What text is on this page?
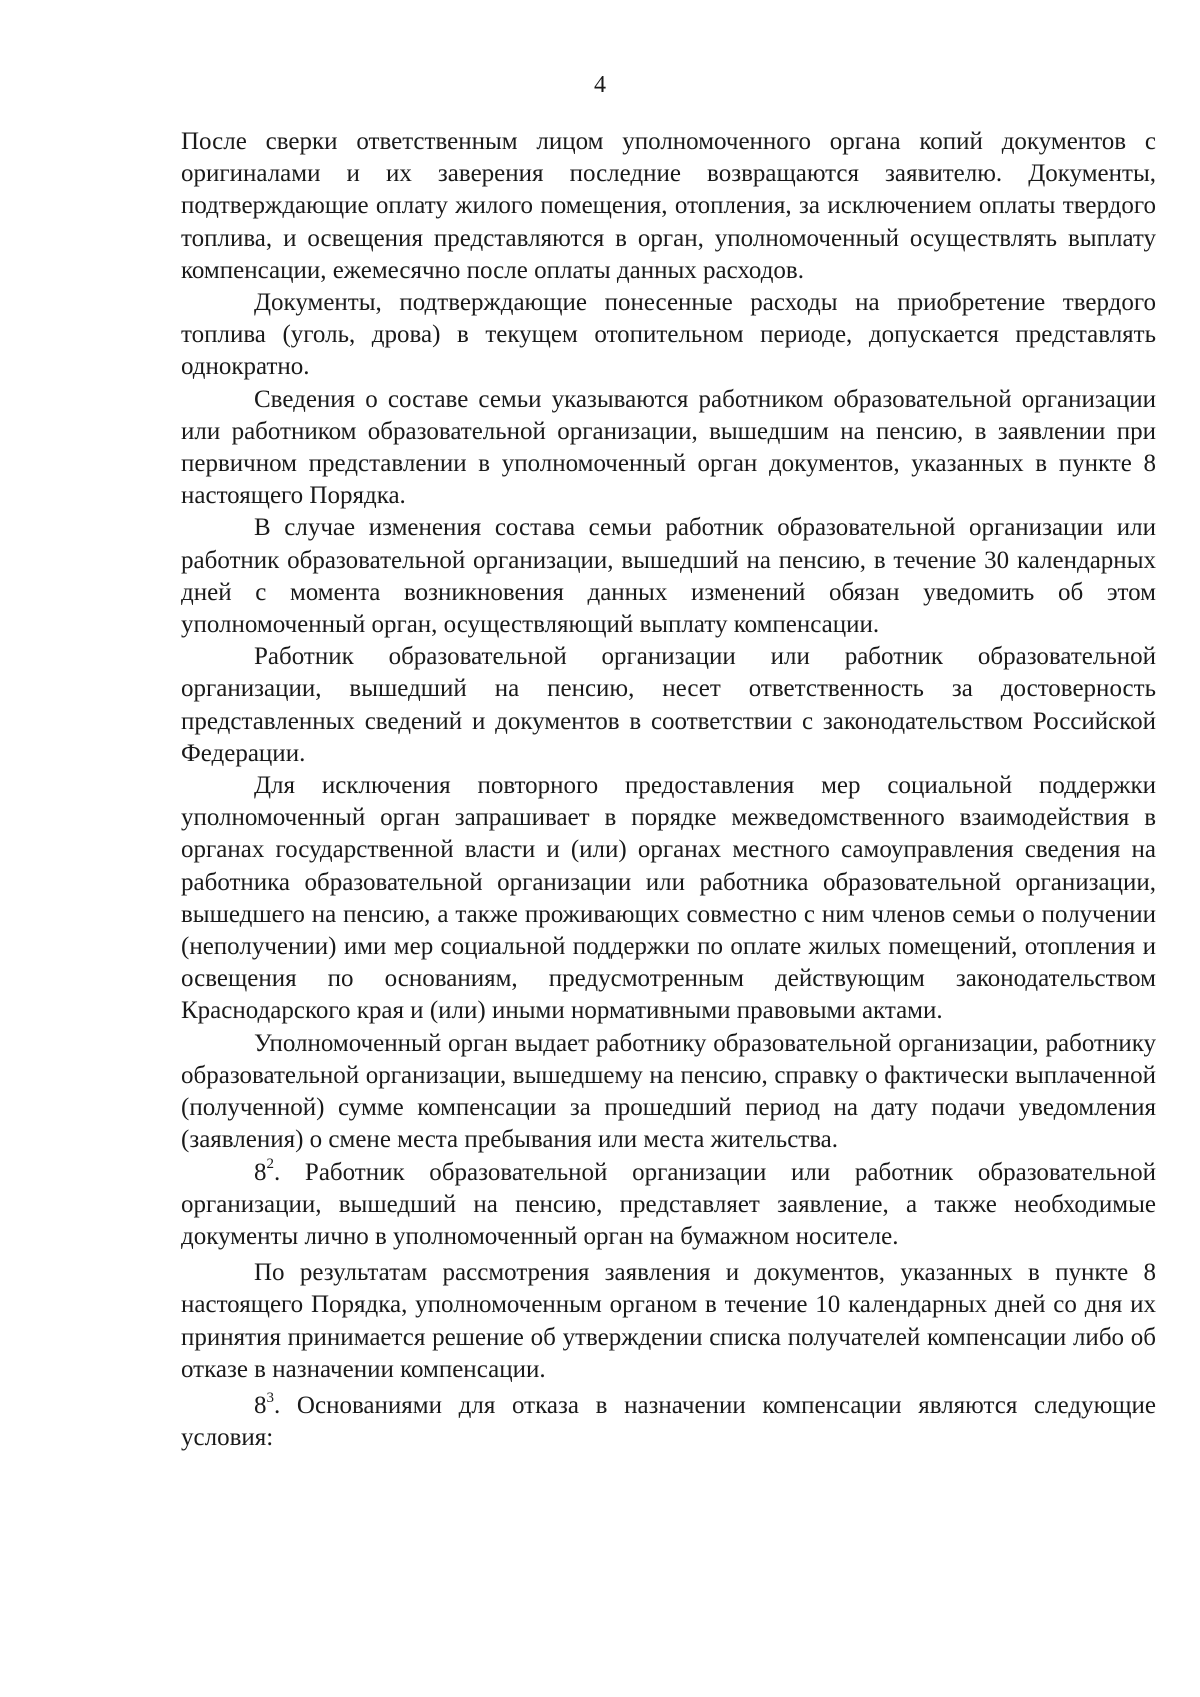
4

После сверки ответственным лицом уполномоченного органа копий документов с оригиналами и их заверения последние возвращаются заявителю. Документы, подтверждающие оплату жилого помещения, отопления, за исключением оплаты твердого топлива, и освещения представляются в орган, уполномоченный осуществлять выплату компенсации, ежемесячно после оплаты данных расходов.

Документы, подтверждающие понесенные расходы на приобретение твердого топлива (уголь, дрова) в текущем отопительном периоде, допускается представлять однократно.

Сведения о составе семьи указываются работником образовательной организации или работником образовательной организации, вышедшим на пенсию, в заявлении при первичном представлении в уполномоченный орган документов, указанных в пункте 8 настоящего Порядка.

В случае изменения состава семьи работник образовательной организации или работник образовательной организации, вышедший на пенсию, в течение 30 календарных дней с момента возникновения данных изменений обязан уведомить об этом уполномоченный орган, осуществляющий выплату компенсации.

Работник образовательной организации или работник образовательной организации, вышедший на пенсию, несет ответственность за достоверность представленных сведений и документов в соответствии с законодательством Российской Федерации.

Для исключения повторного предоставления мер социальной поддержки уполномоченный орган запрашивает в порядке межведомственного взаимодействия в органах государственной власти и (или) органах местного самоуправления сведения на работника образовательной организации или работника образовательной организации, вышедшего на пенсию, а также проживающих совместно с ним членов семьи о получении (неполучении) ими мер социальной поддержки по оплате жилых помещений, отопления и освещения по основаниям, предусмотренным действующим законодательством Краснодарского края и (или) иными нормативными правовыми актами.

Уполномоченный орган выдает работнику образовательной организации, работнику образовательной организации, вышедшему на пенсию, справку о фактически выплаченной (полученной) сумме компенсации за прошедший период на дату подачи уведомления (заявления) о смене места пребывания или места жительства.

$8^2$. Работник образовательной организации или работник образовательной организации, вышедший на пенсию, представляет заявление, а также необходимые документы лично в уполномоченный орган на бумажном носителе.

По результатам рассмотрения заявления и документов, указанных в пункте 8 настоящего Порядка, уполномоченным органом в течение 10 календарных дней со дня их принятия принимается решение об утверждении списка получателей компенсации либо об отказе в назначении компенсации.

$8^3$. Основаниями для отказа в назначении компенсации являются следующие условия:
